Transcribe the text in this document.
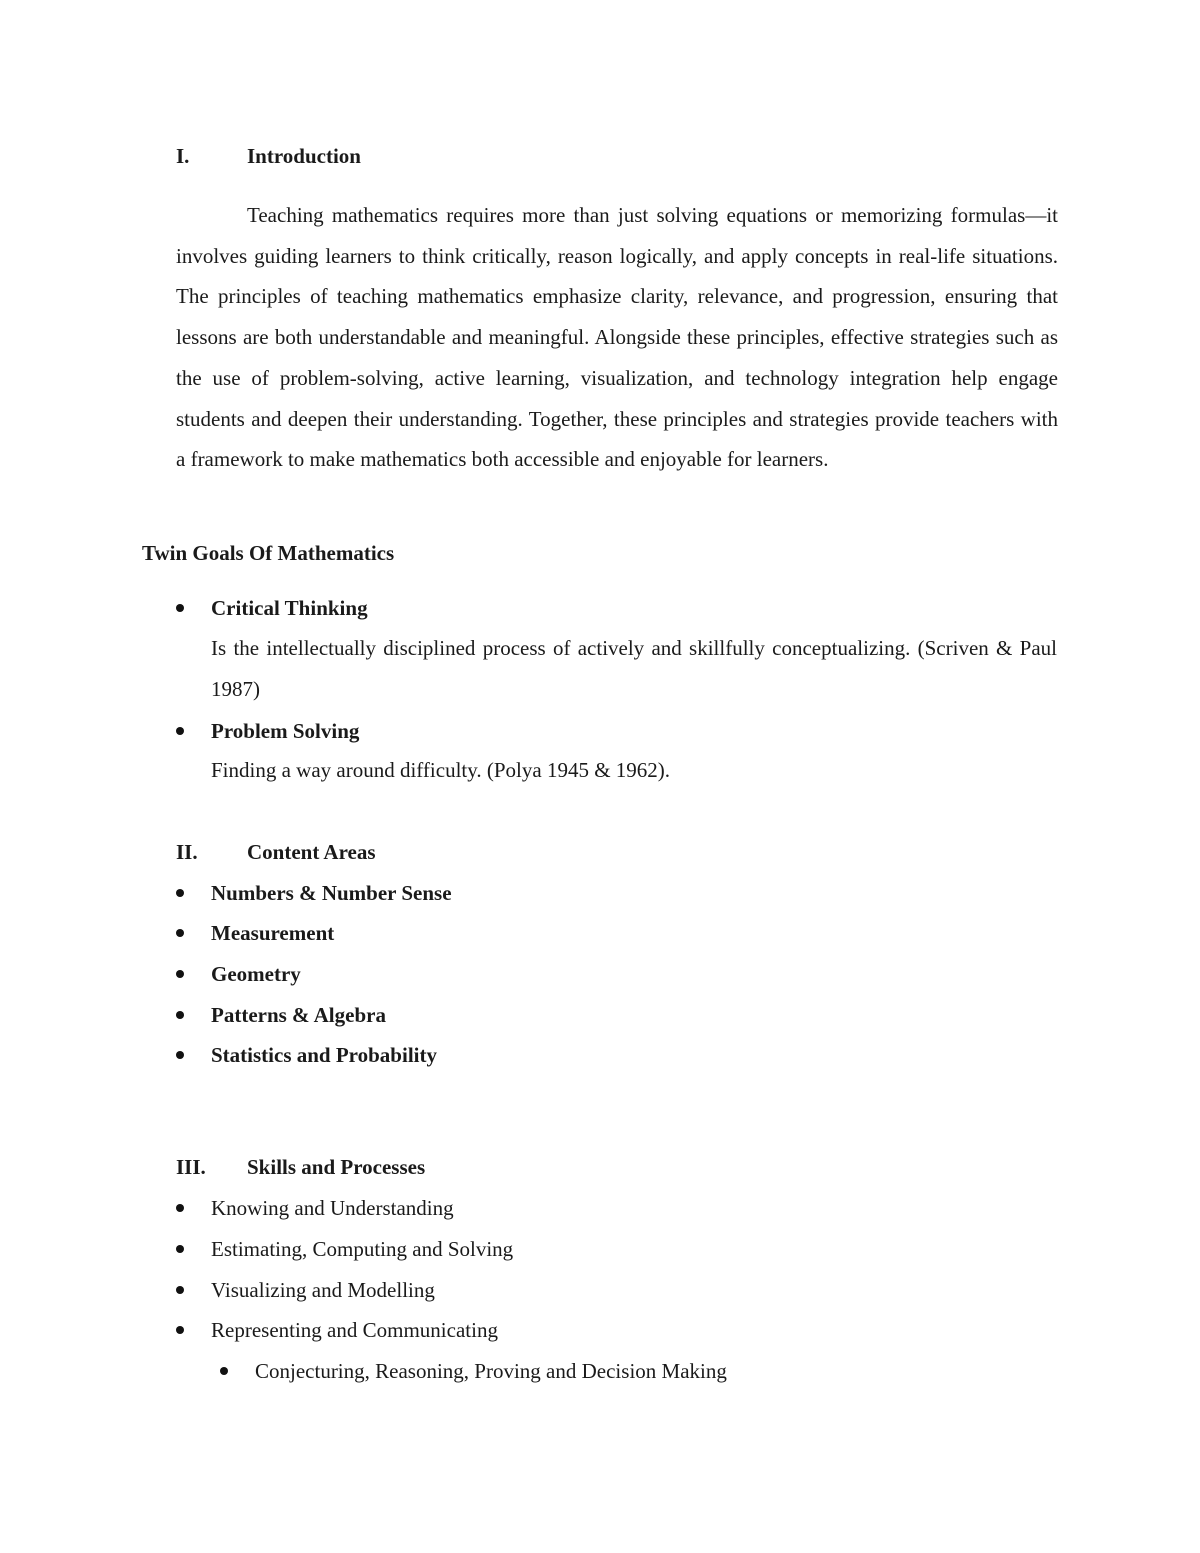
I.	Introduction

Teaching mathematics requires more than just solving equations or memorizing formulas—it involves guiding learners to think critically, reason logically, and apply concepts in real-life situations. The principles of teaching mathematics emphasize clarity, relevance, and progression, ensuring that lessons are both understandable and meaningful. Alongside these principles, effective strategies such as the use of problem-solving, active learning, visualization, and technology integration help engage students and deepen their understanding. Together, these principles and strategies provide teachers with a framework to make mathematics both accessible and enjoyable for learners.

Twin Goals Of Mathematics
Critical Thinking

Is the intellectually disciplined process of actively and skillfully conceptualizing. (Scriven & Paul 1987)

Problem Solving

Finding a way around difficulty. (Polya 1945 & 1962).

II. Content Areas
Numbers & Number Sense
Measurement
Geometry
Patterns & Algebra
Statistics and Probability
III. Skills and Processes
Knowing and Understanding
Estimating, Computing and Solving
Visualizing and Modelling
Representing and Communicating
Conjecturing, Reasoning, Proving and Decision Making
